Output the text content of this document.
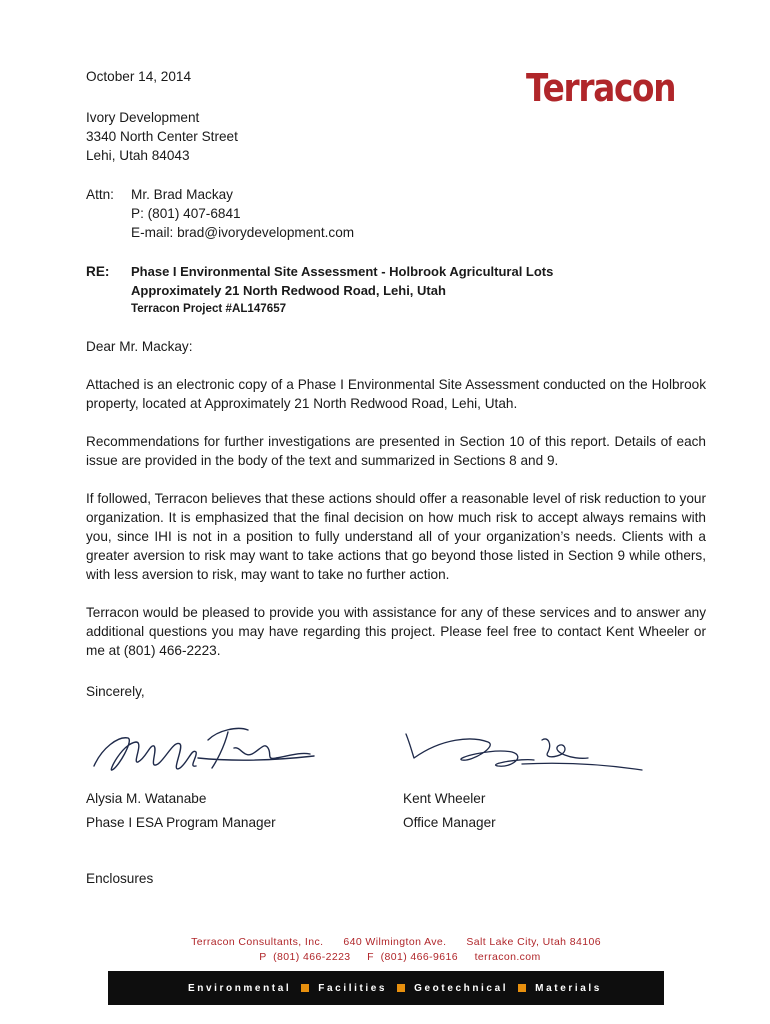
Terracon
October 14, 2014
Ivory Development
3340 North Center Street
Lehi, Utah 84043
Attn: Mr. Brad Mackay
P: (801) 407-6841
E-mail: brad@ivorydevelopment.com
RE: Phase I Environmental Site Assessment - Holbrook Agricultural Lots
Approximately 21 North Redwood Road, Lehi, Utah
Terracon Project #AL147657
Dear Mr. Mackay:

Attached is an electronic copy of a Phase I Environmental Site Assessment conducted on the Holbrook property, located at Approximately 21 North Redwood Road, Lehi, Utah.

Recommendations for further investigations are presented in Section 10 of this report. Details of each issue are provided in the body of the text and summarized in Sections 8 and 9.

If followed, Terracon believes that these actions should offer a reasonable level of risk reduction to your organization. It is emphasized that the final decision on how much risk to accept always remains with you, since IHI is not in a position to fully understand all of your organization’s needs. Clients with a greater aversion to risk may want to take actions that go beyond those listed in Section 9 while others, with less aversion to risk, may want to take no further action.

Terracon would be pleased to provide you with assistance for any of these services and to answer any additional questions you may have regarding this project. Please feel free to contact Kent Wheeler or me at (801) 466-2223.

Sincerely,
Alysia M. Watanabe
Phase I ESA Program Manager
Kent Wheeler
Office Manager
Enclosures
Terracon Consultants, Inc. 640 Wilmington Ave. Salt Lake City, Utah 84106
P  (801) 466-2223 F  (801) 466-9616 terracon.com
Environmental	Facilities	Geotechnical	Materials
